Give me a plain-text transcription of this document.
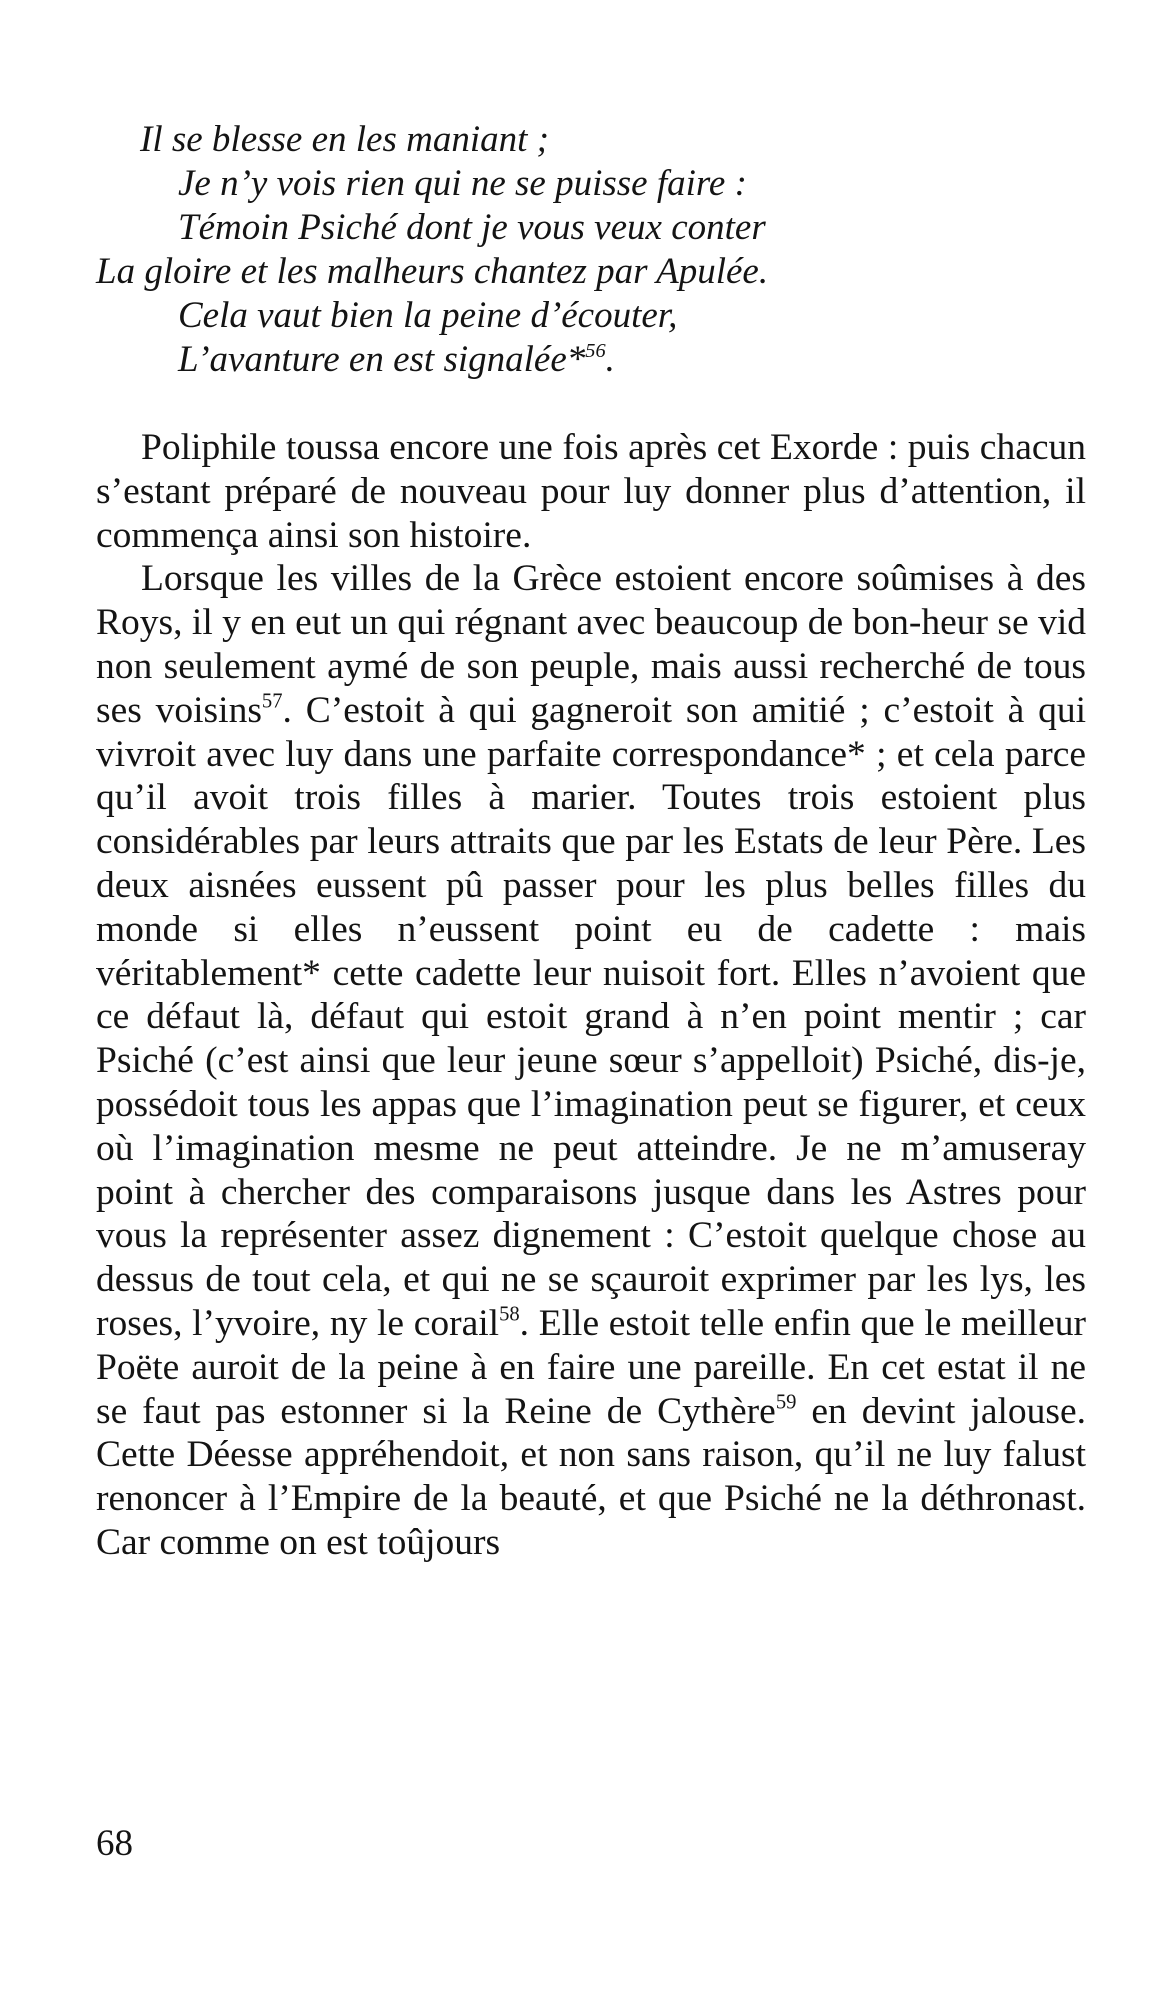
Il se blesse en les maniant ;
Je n’y vois rien qui ne se puisse faire :
Témoin Psiché dont je vous veux conter
La gloire et les malheurs chantez par Apulée.
Cela vaut bien la peine d’écouter,
L’avanture en est signalée*$^{56}$.

Poliphile toussa encore une fois après cet Exorde : puis chacun s’estant préparé de nouveau pour luy donner plus d’attention, il commença ainsi son histoire.

Lorsque les villes de la Grèce estoient encore soûmises à des Roys, il y en eut un qui régnant avec beaucoup de bon-heur se vid non seulement aymé de son peuple, mais aussi recherché de tous ses voisins$^{57}$. C’estoit à qui gagneroit son amitié ; c’estoit à qui vivroit avec luy dans une parfaite correspondance* ; et cela parce qu’il avoit trois filles à marier. Toutes trois estoient plus considérables par leurs attraits que par les Estats de leur Père. Les deux aisnées eussent pû passer pour les plus belles filles du monde si elles n’eussent point eu de cadette : mais véritablement* cette cadette leur nuisoit fort. Elles n’avoient que ce défaut là, défaut qui estoit grand à n’en point mentir ; car Psiché (c’est ainsi que leur jeune sœur s’appelloit) Psiché, dis-je, possédoit tous les appas que l’imagination peut se figurer, et ceux où l’imagination mesme ne peut atteindre. Je ne m’amuseray point à chercher des comparaisons jusque dans les Astres pour vous la représenter assez dignement : C’estoit quelque chose au dessus de tout cela, et qui ne se sçauroit exprimer par les lys, les roses, l’yvoire, ny le corail$^{58}$. Elle estoit telle enfin que le meilleur Poëte auroit de la peine à en faire une pareille. En cet estat il ne se faut pas estonner si la Reine de Cythère$^{59}$ en devint jalouse. Cette Déesse appréhendoit, et non sans raison, qu’il ne luy falust renoncer à l’Empire de la beauté, et que Psiché ne la déthronast. Car comme on est toûjours

68
